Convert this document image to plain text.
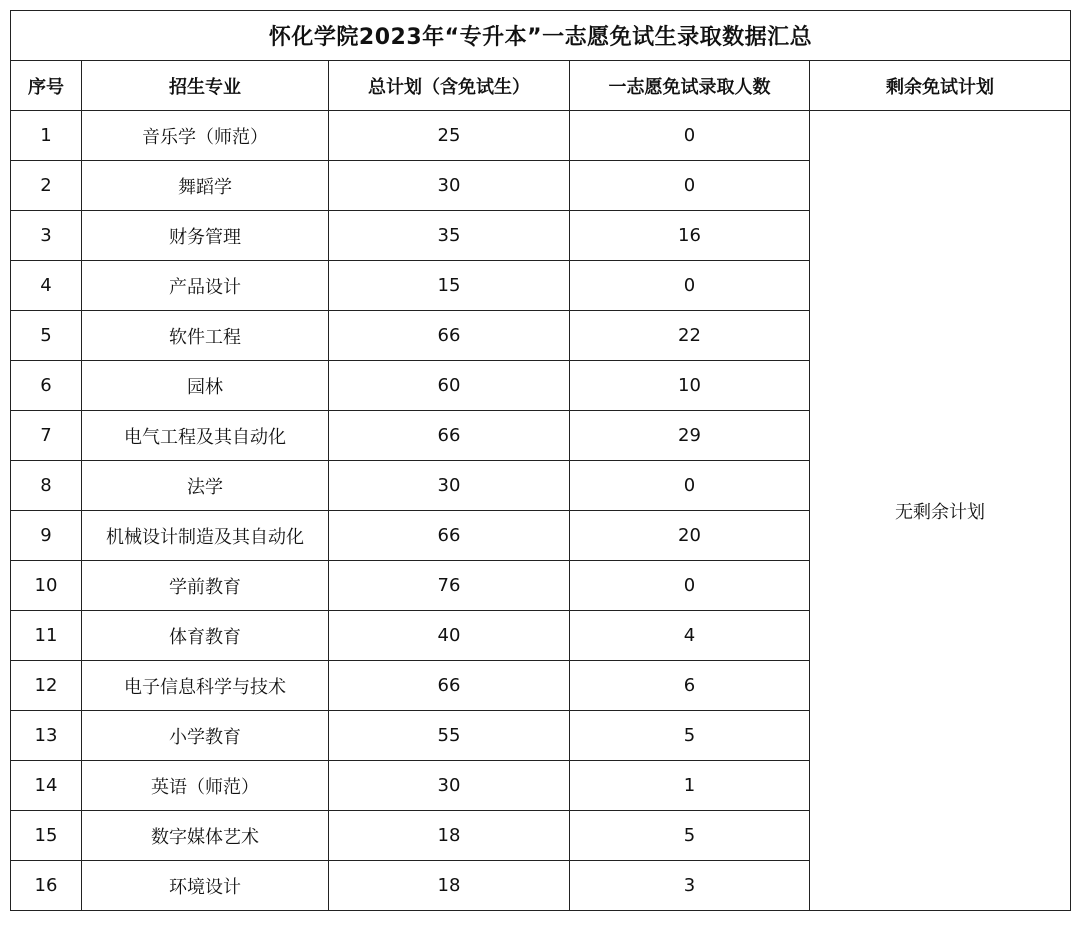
怀化学院2023年“专升本”一志愿免试生录取数据汇总				
序号	招生专业	总计划（含免试生）	一志愿免试录取人数	剩余免试计划
1	音乐学（师范）	25	0	无剩余计划
2	舞蹈学	30	0	
3	财务管理	35	16	
4	产品设计	15	0	
5	软件工程	66	22	
6	园林	60	10	
7	电气工程及其自动化	66	29	
8	法学	30	0	
9	机械设计制造及其自动化	66	20	
10	学前教育	76	0	
11	体育教育	40	4	
12	电子信息科学与技术	66	6	
13	小学教育	55	5	
14	英语（师范）	30	1	
15	数字媒体艺术	18	5	
16	环境设计	18	3	
